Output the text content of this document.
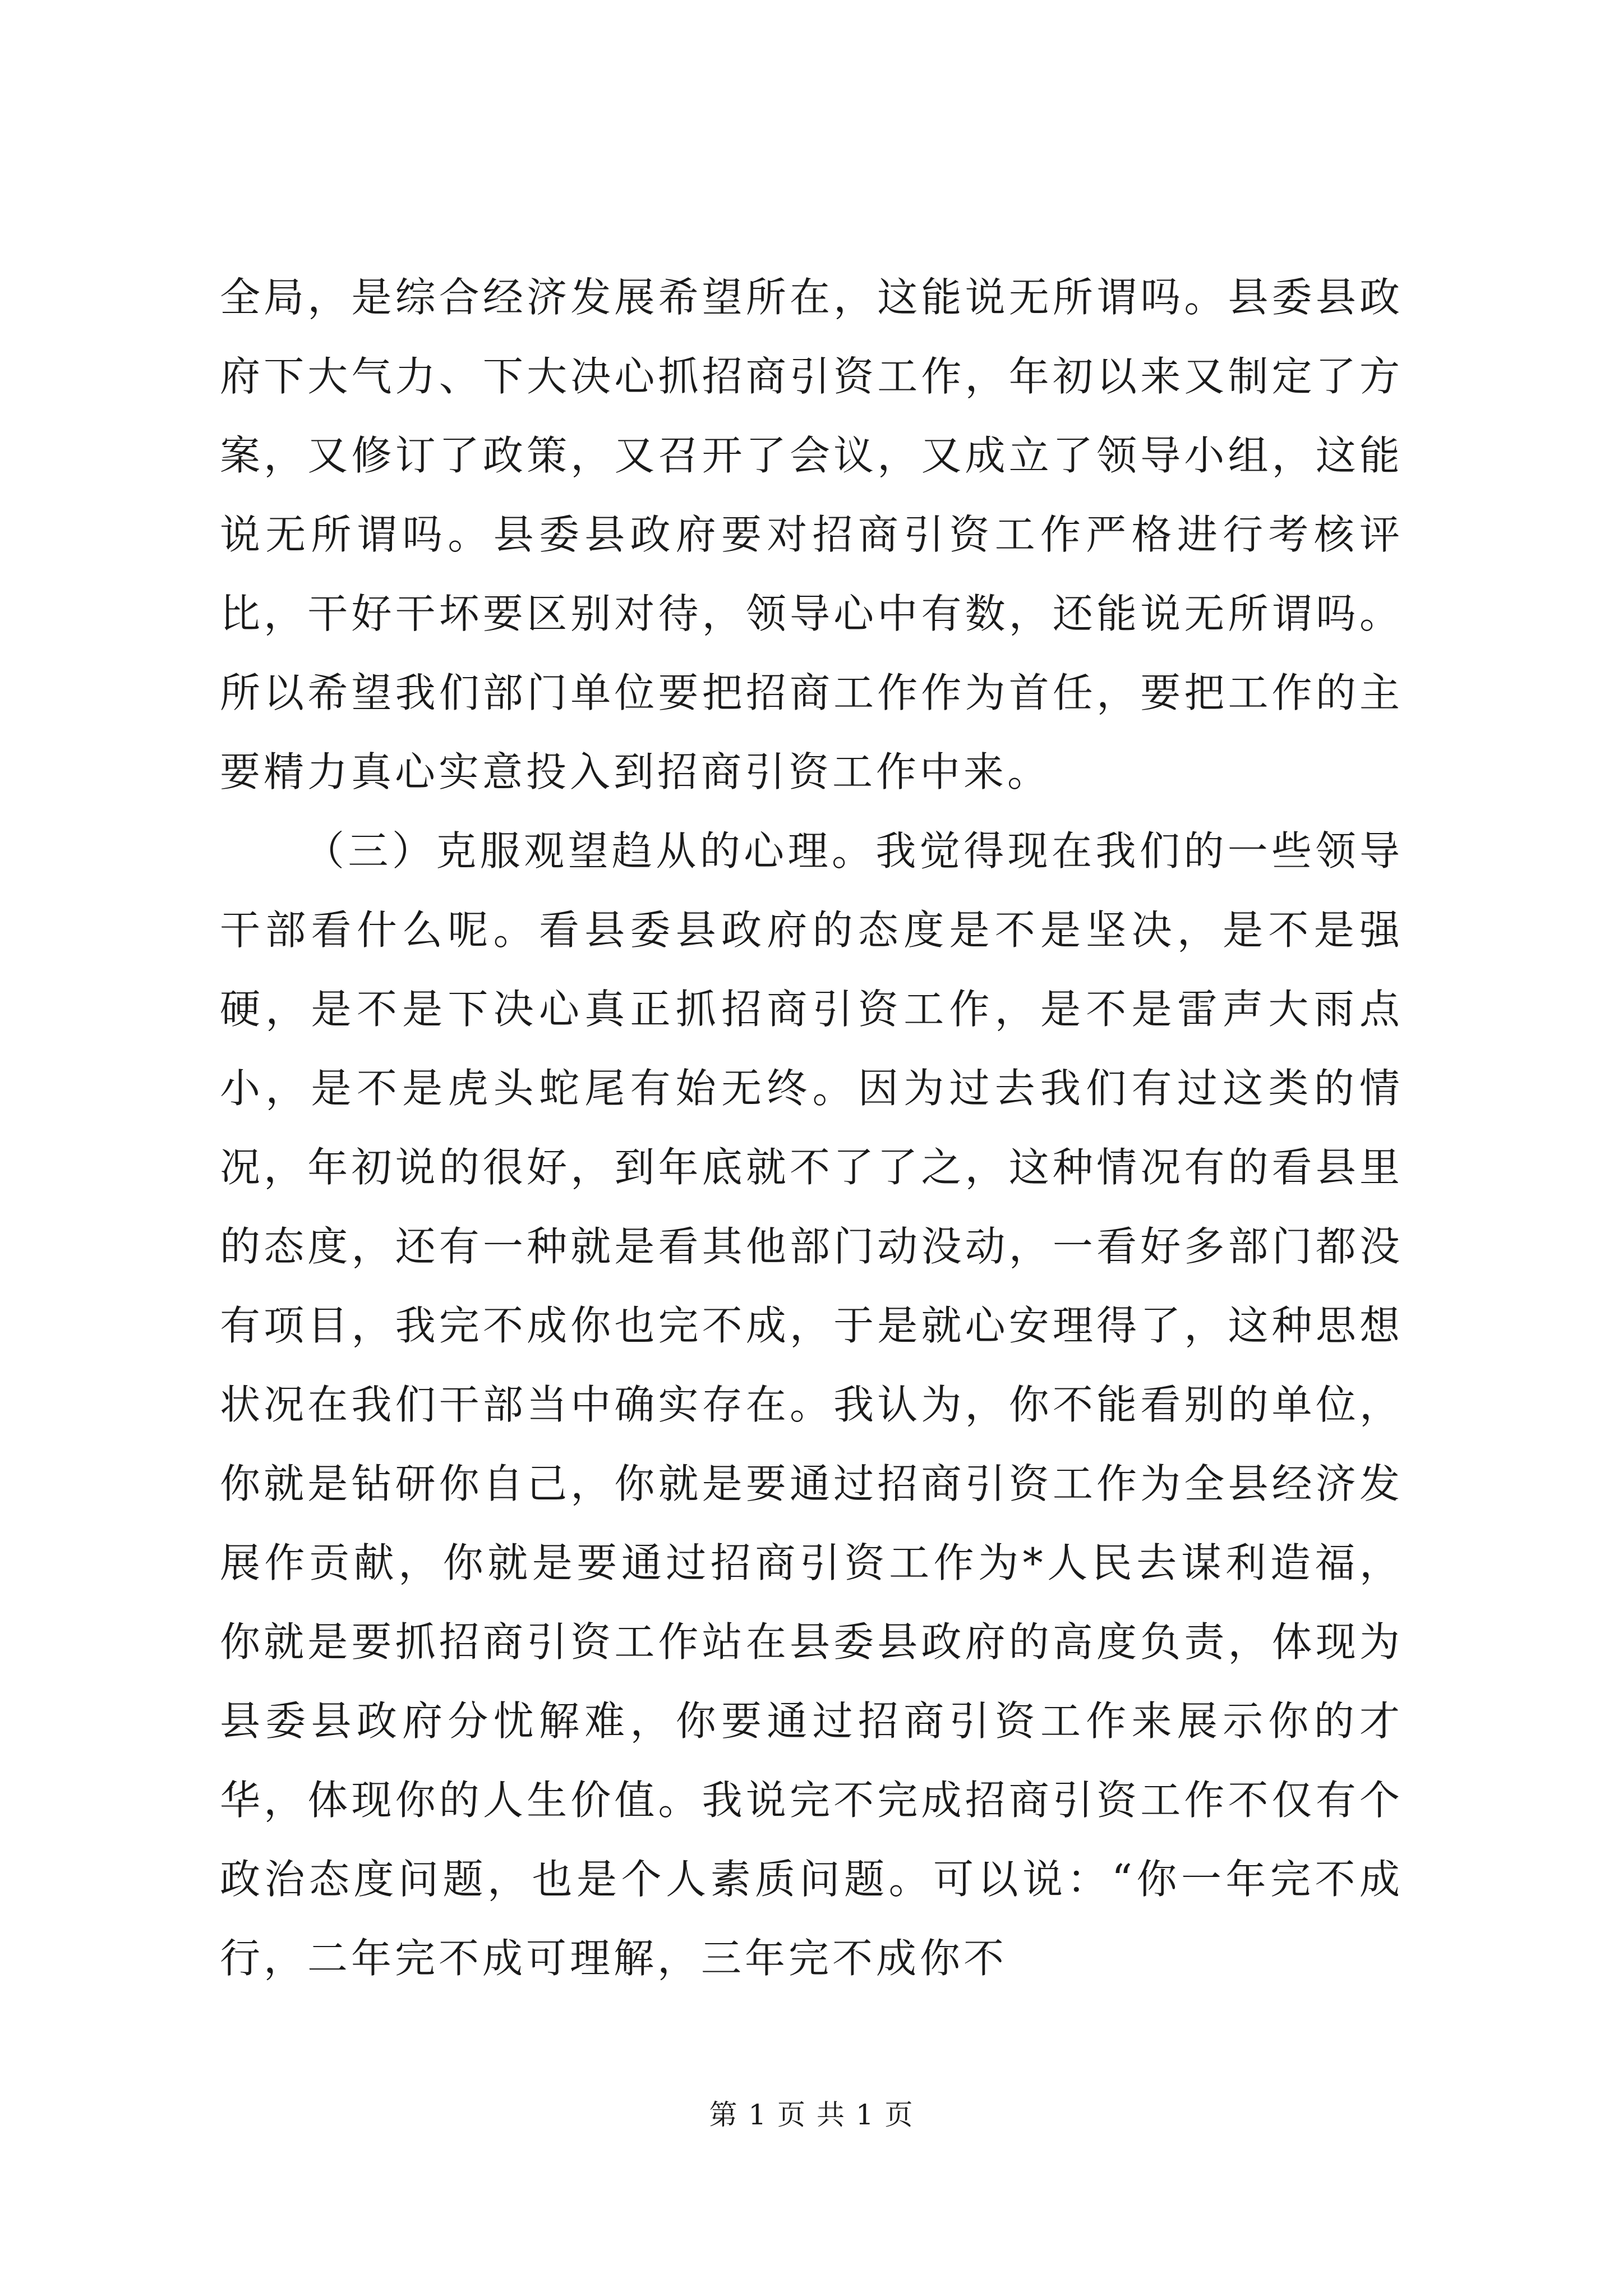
全局，是综合经济发展希望所在，这能说无所谓吗。县委县政府下大气力、下大决心抓招商引资工作，年初以来又制定了方案，又修订了政策，又召开了会议，又成立了领导小组，这能说无所谓吗。县委县政府要对招商引资工作严格进行考核评比，干好干坏要区别对待，领导心中有数，还能说无所谓吗。所以希望我们部门单位要把招商工作作为首任，要把工作的主要精力真心实意投入到招商引资工作中来。

（三）克服观望趋从的心理。我觉得现在我们的一些领导干部看什么呢。看县委县政府的态度是不是坚决，是不是强硬，是不是下决心真正抓招商引资工作，是不是雷声大雨点小，是不是虎头蛇尾有始无终。因为过去我们有过这类的情况，年初说的很好，到年底就不了了之，这种情况有的看县里的态度，还有一种就是看其他部门动没动，一看好多部门都没有项目，我完不成你也完不成，于是就心安理得了，这种思想状况在我们干部当中确实存在。我认为，你不能看别的单位，你就是钻研你自己，你就是要通过招商引资工作为全县经济发展作贡献，你就是要通过招商引资工作为*人民去谋利造福，你就是要抓招商引资工作站在县委县政府的高度负责，体现为县委县政府分忧解难，你要通过招商引资工作来展示你的才华，体现你的人生价值。我说完不完成招商引资工作不仅有个政治态度问题，也是个人素质问题。可以说：“你一年完不成行，二年完不成可理解，三年完不成你不

第 1 页 共 1 页
